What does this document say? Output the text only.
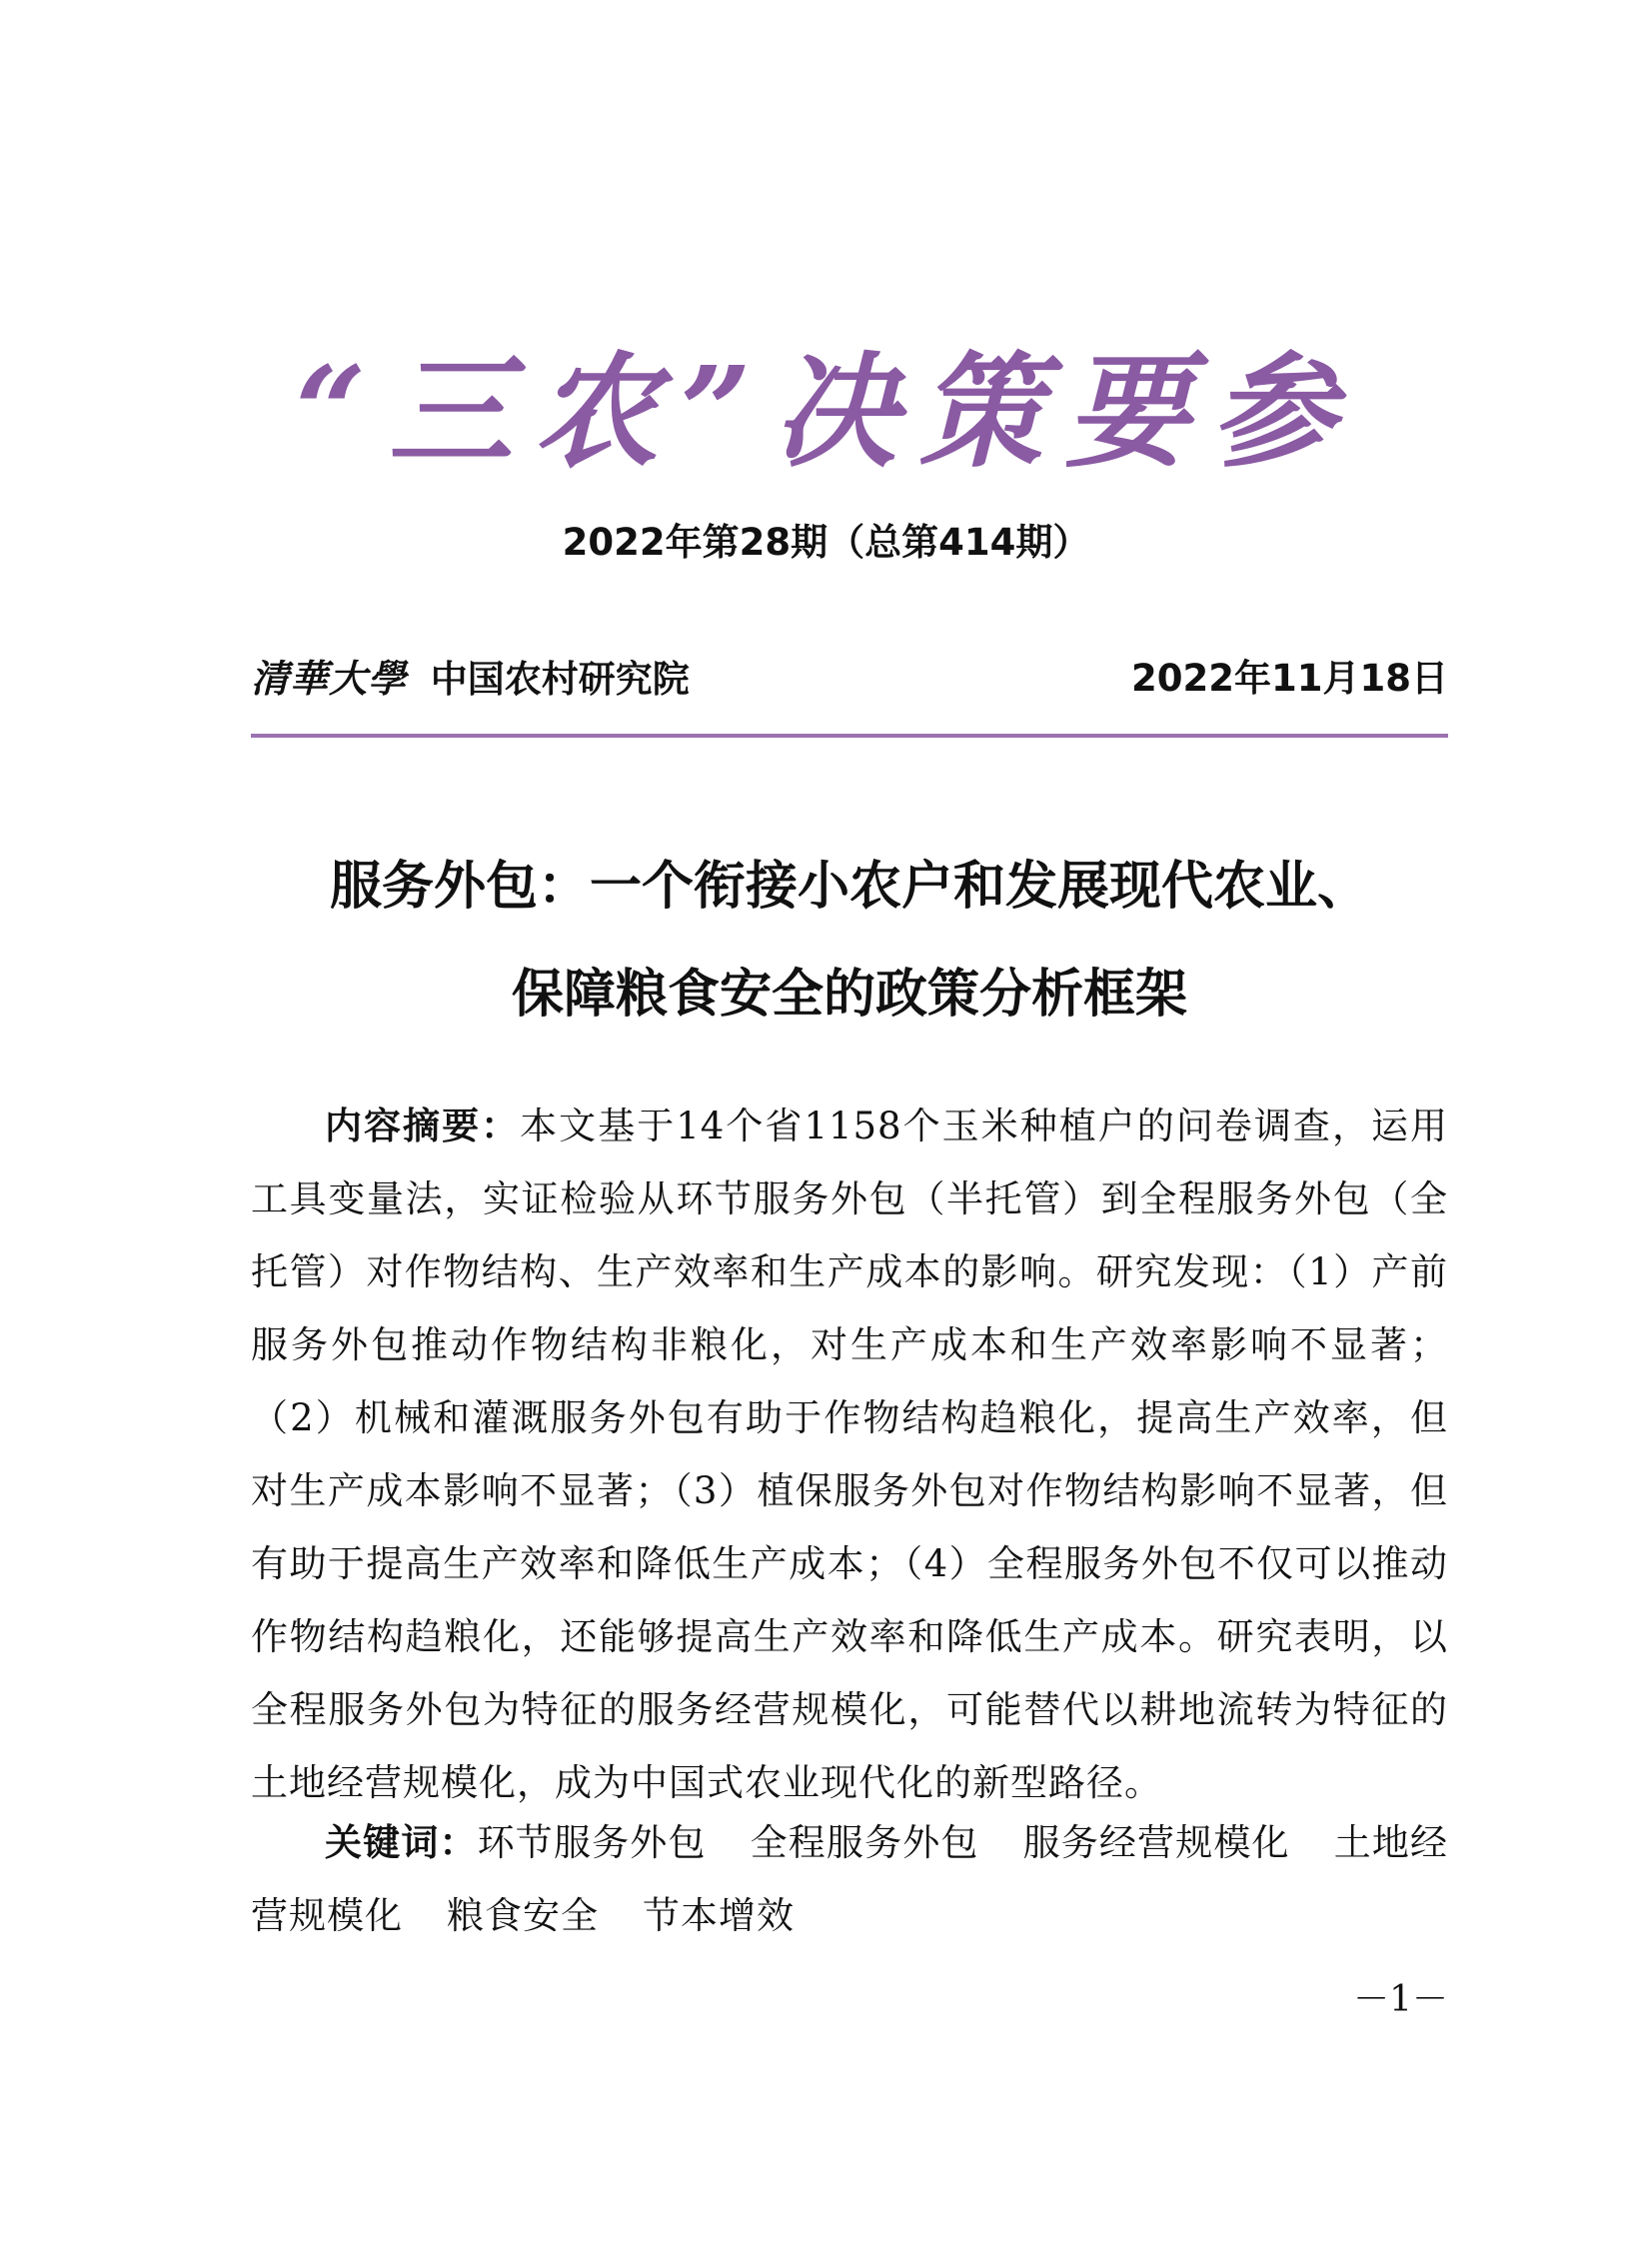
“三农”决策要参
2022年第28期（总第414期）
清華大學 中国农村研究院	2022年11月18日
服务外包：一个衔接小农户和发展现代农业、
保障粮食安全的政策分析框架

内容摘要：本文基于14个省1158个玉米种植户的问卷调查，运用工具变量法，实证检验从环节服务外包（半托管）到全程服务外包（全托管）对作物结构、生产效率和生产成本的影响。研究发现：（1）产前服务外包推动作物结构非粮化，对生产成本和生产效率影响不显著；（2）机械和灌溉服务外包有助于作物结构趋粮化，提高生产效率，但对生产成本影响不显著；（3）植保服务外包对作物结构影响不显著，但有助于提高生产效率和降低生产成本；（4）全程服务外包不仅可以推动作物结构趋粮化，还能够提高生产效率和降低生产成本。研究表明，以全程服务外包为特征的服务经营规模化，可能替代以耕地流转为特征的土地经营规模化，成为中国式农业现代化的新型路径。

关键词：环节服务外包 全程服务外包 服务经营规模化 土地经营规模化 粮食安全 节本增效

－1－
